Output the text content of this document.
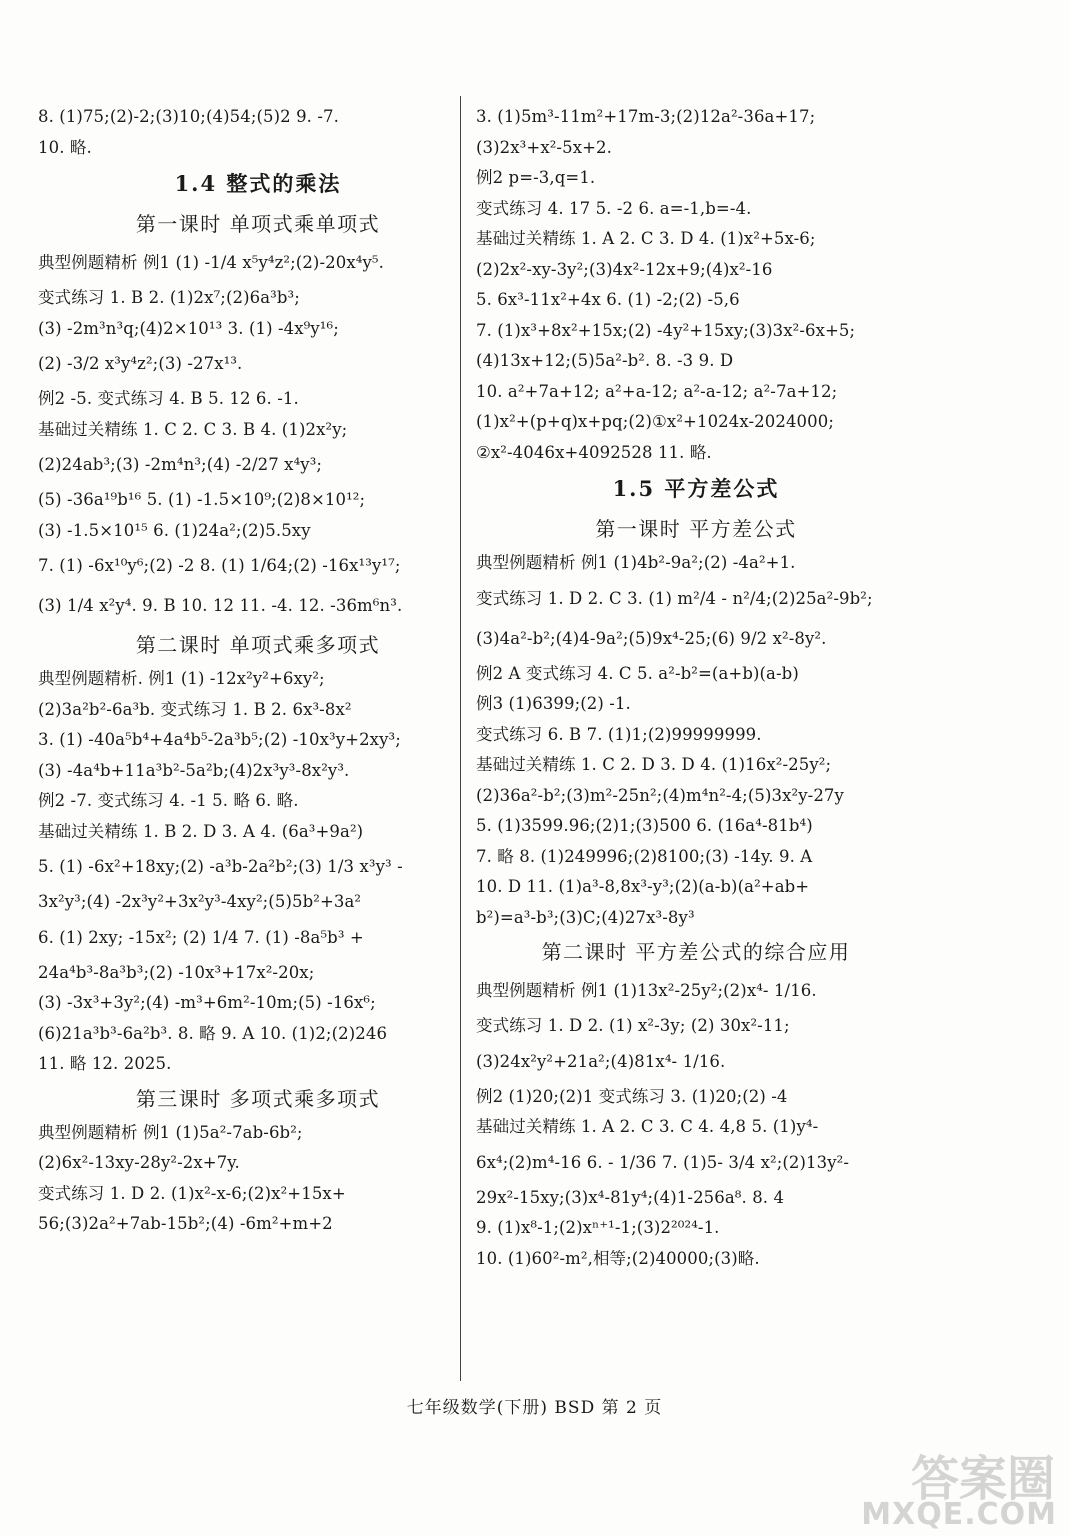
8. (1)75;(2)-2;(3)10;(4)54;(5)2 9. -7.
10. 略.
1.4 整式的乘法
第一课时 单项式乘单项式
典型例题精析 例1 (1) -1/4 x⁵y⁴z²;(2)-20x⁴y⁵.
变式练习 1. B 2. (1)2x⁷;(2)6a³b³;
(3) -2m³n³q;(4)2×10¹³ 3. (1) -4x⁹y¹⁶;
(2) -3/2 x³y⁴z²;(3) -27x¹³.
例2 -5. 变式练习 4. B 5. 12 6. -1.
基础过关精练 1. C 2. C 3. B 4. (1)2x²y;
(2)24ab³;(3) -2m⁴n³;(4) -2/27 x⁴y³;
(5) -36a¹⁹b¹⁶ 5. (1) -1.5×10⁹;(2)8×10¹²;
(3) -1.5×10¹⁵ 6. (1)24a²;(2)5.5xy
7. (1) -6x¹⁰y⁶;(2) -2 8. (1) 1/64;(2) -16x¹³y¹⁷;
(3) 1/4 x²y⁴. 9. B 10. 12 11. -4. 12. -36m⁶n³.
第二课时 单项式乘多项式
典型例题精析. 例1 (1) -12x²y²+6xy²;
(2)3a²b²-6a³b. 变式练习 1. B 2. 6x³-8x²
3. (1) -40a⁵b⁴+4a⁴b⁵-2a³b⁵;(2) -10x³y+2xy³;
(3) -4a⁴b+11a³b²-5a²b;(4)2x³y³-8x²y³.
例2 -7. 变式练习 4. -1 5. 略 6. 略.
基础过关精练 1. B 2. D 3. A 4. (6a³+9a²)
5. (1) -6x²+18xy;(2) -a³b-2a²b²;(3) 1/3 x³y³ -
3x²y³;(4) -2x³y²+3x²y³-4xy²;(5)5b²+3a²
6. (1) 2xy; -15x²; (2) 1/4 7. (1) -8a⁵b³ +
24a⁴b³-8a³b³;(2) -10x³+17x²-20x;
(3) -3x³+3y²;(4) -m³+6m²-10m;(5) -16x⁶;
(6)21a³b³-6a²b³. 8. 略 9. A 10. (1)2;(2)246
11. 略 12. 2025.
第三课时 多项式乘多项式
典型例题精析 例1 (1)5a²-7ab-6b²;
(2)6x²-13xy-28y²-2x+7y.
变式练习 1. D 2. (1)x²-x-6;(2)x²+15x+
56;(3)2a²+7ab-15b²;(4) -6m²+m+2
3. (1)5m³-11m²+17m-3;(2)12a²-36a+17;
(3)2x³+x²-5x+2.
例2 p=-3,q=1.
变式练习 4. 17 5. -2 6. a=-1,b=-4.
基础过关精练 1. A 2. C 3. D 4. (1)x²+5x-6;
(2)2x²-xy-3y²;(3)4x²-12x+9;(4)x²-16
5. 6x³-11x²+4x 6. (1) -2;(2) -5,6
7. (1)x³+8x²+15x;(2) -4y²+15xy;(3)3x²-6x+5;
(4)13x+12;(5)5a²-b². 8. -3 9. D
10. a²+7a+12; a²+a-12; a²-a-12; a²-7a+12;
(1)x²+(p+q)x+pq;(2)①x²+1024x-2024000;
②x²-4046x+4092528 11. 略.
1.5 平方差公式
第一课时 平方差公式
典型例题精析 例1 (1)4b²-9a²;(2) -4a²+1.
变式练习 1. D 2. C 3. (1) m²/4 - n²/4;(2)25a²-9b²;
(3)4a²-b²;(4)4-9a²;(5)9x⁴-25;(6) 9/2 x²-8y².
例2 A 变式练习 4. C 5. a²-b²=(a+b)(a-b)
例3 (1)6399;(2) -1.
变式练习 6. B 7. (1)1;(2)99999999.
基础过关精练 1. C 2. D 3. D 4. (1)16x²-25y²;
(2)36a²-b²;(3)m²-25n²;(4)m⁴n²-4;(5)3x²y-27y
5. (1)3599.96;(2)1;(3)500 6. (16a⁴-81b⁴)
7. 略 8. (1)249996;(2)8100;(3) -14y. 9. A
10. D 11. (1)a³-8,8x³-y³;(2)(a-b)(a²+ab+
b²)=a³-b³;(3)C;(4)27x³-8y³
第二课时 平方差公式的综合应用
典型例题精析 例1 (1)13x²-25y²;(2)x⁴- 1/16.
变式练习 1. D 2. (1) x²-3y; (2) 30x²-11;
(3)24x²y²+21a²;(4)81x⁴- 1/16.
例2 (1)20;(2)1 变式练习 3. (1)20;(2) -4
基础过关精练 1. A 2. C 3. C 4. 4,8 5. (1)y⁴-
6x⁴;(2)m⁴-16 6. - 1/36 7. (1)5- 3/4 x²;(2)13y²-
29x²-15xy;(3)x⁴-81y⁴;(4)1-256a⁸. 8. 4
9. (1)x⁸-1;(2)xⁿ⁺¹-1;(3)2²⁰²⁴-1.
10. (1)60²-m²,相等;(2)40000;(3)略.
七年级数学(下册) BSD 第 2 页
答案圈
MXQE.COM
